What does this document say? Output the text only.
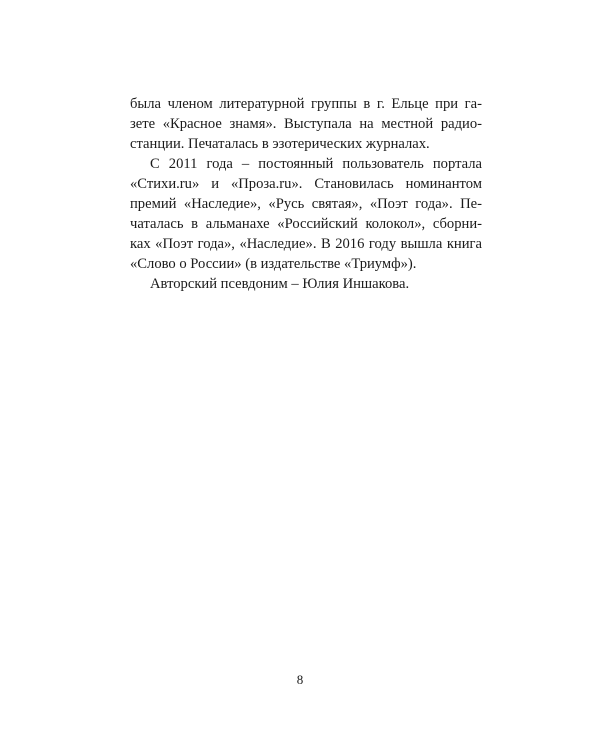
была членом литературной группы в г. Ельце при га-
зете «Красное знамя». Выступала на местной радио-
станции. Печаталась в эзотерических журналах.
С 2011 года – постоянный пользователь портала
«Стихи.ru» и «Проза.ru». Становилась номинантом
премий «Наследие», «Русь святая», «Поэт года». Пе-
чаталась в альманахе «Российский колокол», сборни-
ках «Поэт года», «Наследие». В 2016 году вышла книга
«Слово о России» (в издательстве «Триумф»).
Авторский псевдоним – Юлия Иншакова.
8
